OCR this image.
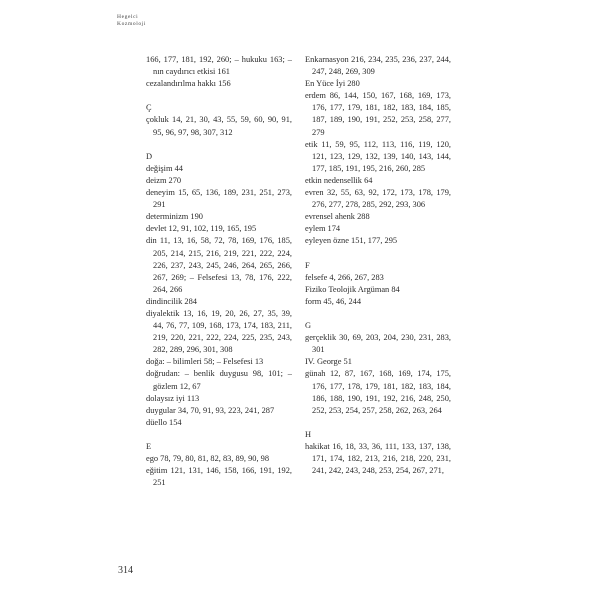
Hegelci
Kozmoloji
166, 177, 181, 192, 260; – hukuku 163; –nın caydırıcı etkisi 161
cezalandırılma hakkı 156
Ç
çokluk 14, 21, 30, 43, 55, 59, 60, 90, 91, 95, 96, 97, 98, 307, 312
D
değişim 44
deizm 270
deneyim 15, 65, 136, 189, 231, 251, 273, 291
determinizm 190
devlet 12, 91, 102, 119, 165, 195
din 11, 13, 16, 58, 72, 78, 169, 176, 185, 205, 214, 215, 216, 219, 221, 222, 224, 226, 237, 243, 245, 246, 264, 265, 266, 267, 269; – Felsefesi 13, 78, 176, 222, 264, 266
dindincilik 284
diyalektik 13, 16, 19, 20, 26, 27, 35, 39, 44, 76, 77, 109, 168, 173, 174, 183, 211, 219, 220, 221, 222, 224, 225, 235, 243, 282, 289, 296, 301, 308
doğa: – bilimleri 58; – Felsefesi 13
doğrudan: – benlik duygusu 98, 101; – gözlem 12, 67
dolaysız iyi 113
duygular 34, 70, 91, 93, 223, 241, 287
düello 154
E
ego 78, 79, 80, 81, 82, 83, 89, 90, 98
eğitim 121, 131, 146, 158, 166, 191, 192, 251
Enkarnasyon 216, 234, 235, 236, 237, 244, 247, 248, 269, 309
En Yüce İyi 280
erdem 86, 144, 150, 167, 168, 169, 173, 176, 177, 179, 181, 182, 183, 184, 185, 187, 189, 190, 191, 252, 253, 258, 277, 279
etik 11, 59, 95, 112, 113, 116, 119, 120, 121, 123, 129, 132, 139, 140, 143, 144, 177, 185, 191, 195, 216, 260, 285
etkin nedensellik 64
evren 32, 55, 63, 92, 172, 173, 178, 179, 276, 277, 278, 285, 292, 293, 306
evrensel ahenk 288
eylem 174
eyleyen özne 151, 177, 295
F
felsefe 4, 266, 267, 283
Fiziko Teolojik Argüman 84
form 45, 46, 244
G
gerçeklik 30, 69, 203, 204, 230, 231, 283, 301
IV. George 51
günah 12, 87, 167, 168, 169, 174, 175, 176, 177, 178, 179, 181, 182, 183, 184, 186, 188, 190, 191, 192, 216, 248, 250, 252, 253, 254, 257, 258, 262, 263, 264
H
hakikat 16, 18, 33, 36, 111, 133, 137, 138, 171, 174, 182, 213, 216, 218, 220, 231, 241, 242, 243, 248, 253, 254, 267, 271,
314
